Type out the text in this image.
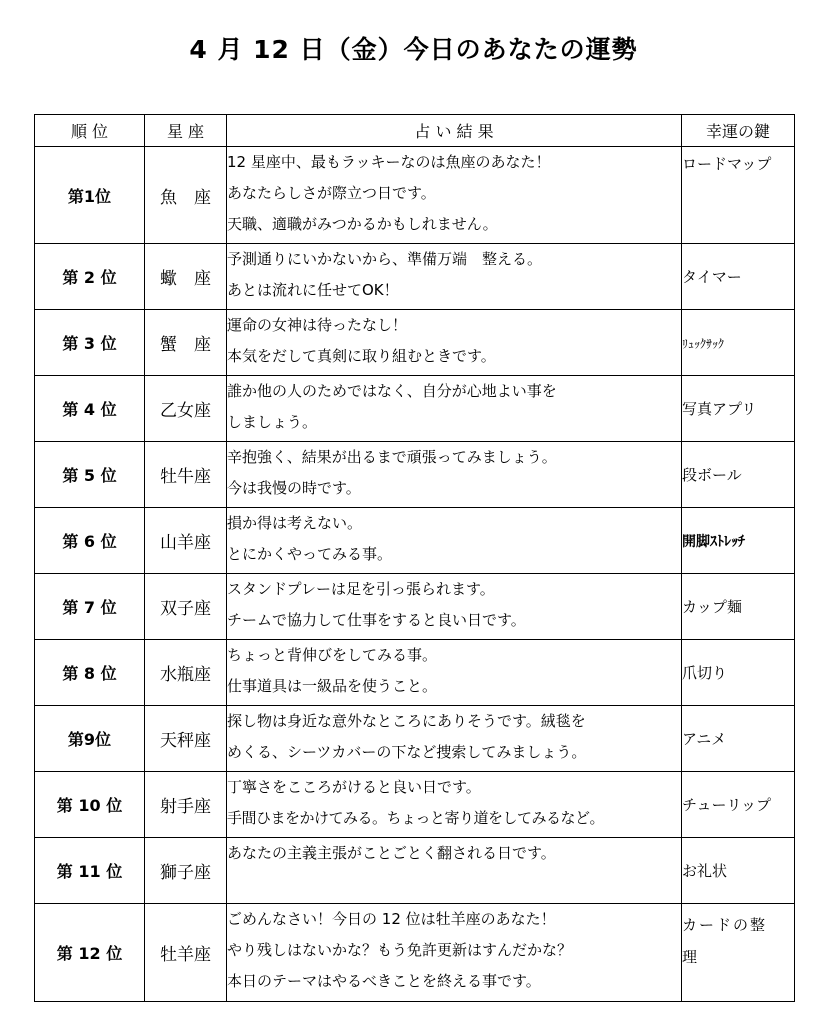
4 月 12 日（金）今日のあなたの運勢
順 位	星 座	占 い 結 果	幸運の鍵
第1位	魚　座	12 星座中、最もラッキーなのは魚座のあなた！
あなたらしさが際立つ日です。
天職、適職がみつかるかもしれません。	ロードマップ

第 2 位	蠍　座	予測通りにいかないから、準備万端　整える。
あとは流れに任せてOK！	タイマー
第 3 位	蟹　座	運命の女神は待ったなし！
本気をだして真剣に取り組むときです。	ﾘｭｯｸｻｯｸ
第 4 位	乙女座	誰か他の人のためではなく、自分が心地よい事を
しましょう。	写真アプリ
第 5 位	牡牛座	辛抱強く、結果が出るまで頑張ってみましょう。
今は我慢の時です。	段ボール
第 6 位	山羊座	損か得は考えない。
とにかくやってみる事。	開脚ｽﾄﾚｯﾁ
第 7 位	双子座	スタンドプレーは足を引っ張られます。
チームで協力して仕事をすると良い日です。	カップ麺
第 8 位	水瓶座	ちょっと背伸びをしてみる事。
仕事道具は一級品を使うこと。	爪切り
第9位	天秤座	探し物は身近な意外なところにありそうです。絨毯を
めくる、シーツカバーの下など捜索してみましょう。	アニメ
第 10 位	射手座	丁寧さをこころがけると良い日です。
手間ひまをかけてみる。ちょっと寄り道をしてみるなど。	チューリップ
第 11 位	獅子座	あなたの主義主張がことごとく翻される日です。	お礼状
第 12 位	牡羊座	ごめんなさい！今日の 12 位は牡羊座のあなた！
やり残しはないかな？もう免許更新はすんだかな？
本日のテーマはやるべきことを終える事です。	カードの整
理
